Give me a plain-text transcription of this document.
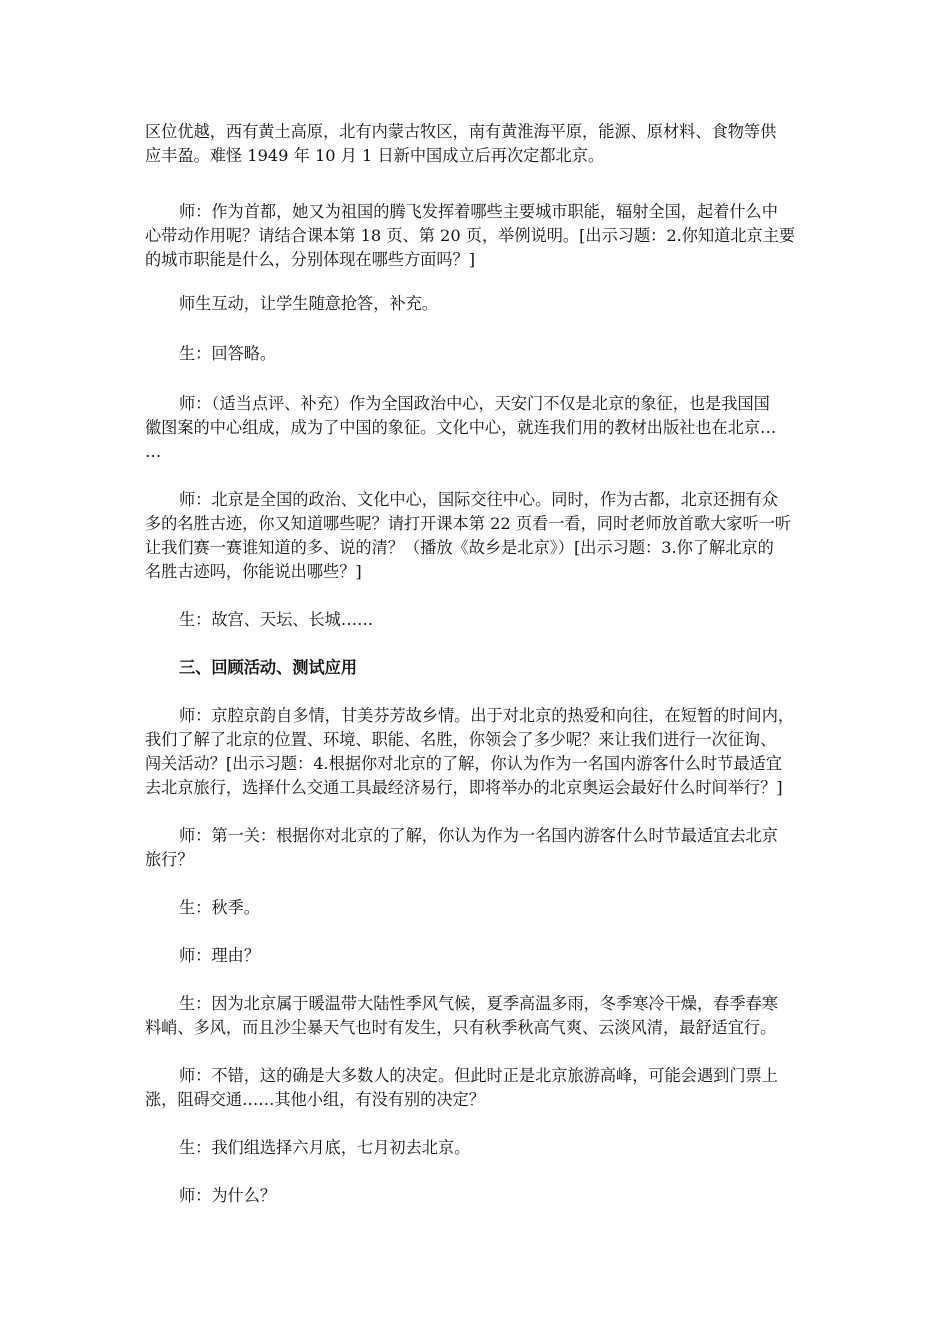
区位优越，西有黄土高原，北有内蒙古牧区，南有黄淮海平原，能源、原材料、食物等供
应丰盈。难怪 1949 年 10 月 1 日新中国成立后再次定都北京。

师：作为首都，她又为祖国的腾飞发挥着哪些主要城市职能，辐射全国，起着什么中
心带动作用呢？请结合课本第 18 页、第 20 页，举例说明。[出示习题：2.你知道北京主要
的城市职能是什么，分别体现在哪些方面吗？]

师生互动，让学生随意抢答，补充。

生：回答略。

师：（适当点评、补充）作为全国政治中心，天安门不仅是北京的象征，也是我国国
徽图案的中心组成，成为了中国的象征。文化中心，就连我们用的教材出版社也在北京…
…

师：北京是全国的政治、文化中心，国际交往中心。同时，作为古都，北京还拥有众
多的名胜古迹，你又知道哪些呢？请打开课本第 22 页看一看，同时老师放首歌大家听一听
让我们赛一赛谁知道的多、说的清？（播放《故乡是北京》）[出示习题：3.你了解北京的
名胜古迹吗，你能说出哪些？]

生：故宫、天坛、长城……

三、回顾活动、测试应用

师：京腔京韵自多情，甘美芬芳故乡情。出于对北京的热爱和向往，在短暂的时间内，
我们了解了北京的位置、环境、职能、名胜，你领会了多少呢？来让我们进行一次征询、
闯关活动？[出示习题：4.根据你对北京的了解，你认为作为一名国内游客什么时节最适宜
去北京旅行，选择什么交通工具最经济易行，即将举办的北京奥运会最好什么时间举行？]

师：第一关：根据你对北京的了解，你认为作为一名国内游客什么时节最适宜去北京
旅行？

生：秋季。

师：理由？

生：因为北京属于暖温带大陆性季风气候，夏季高温多雨，冬季寒冷干燥，春季春寒
料峭、多风，而且沙尘暴天气也时有发生，只有秋季秋高气爽、云淡风清，最舒适宜行。

师：不错，这的确是大多数人的决定。但此时正是北京旅游高峰，可能会遇到门票上
涨，阻碍交通……其他小组，有没有别的决定？

生：我们组选择六月底，七月初去北京。

师：为什么？
